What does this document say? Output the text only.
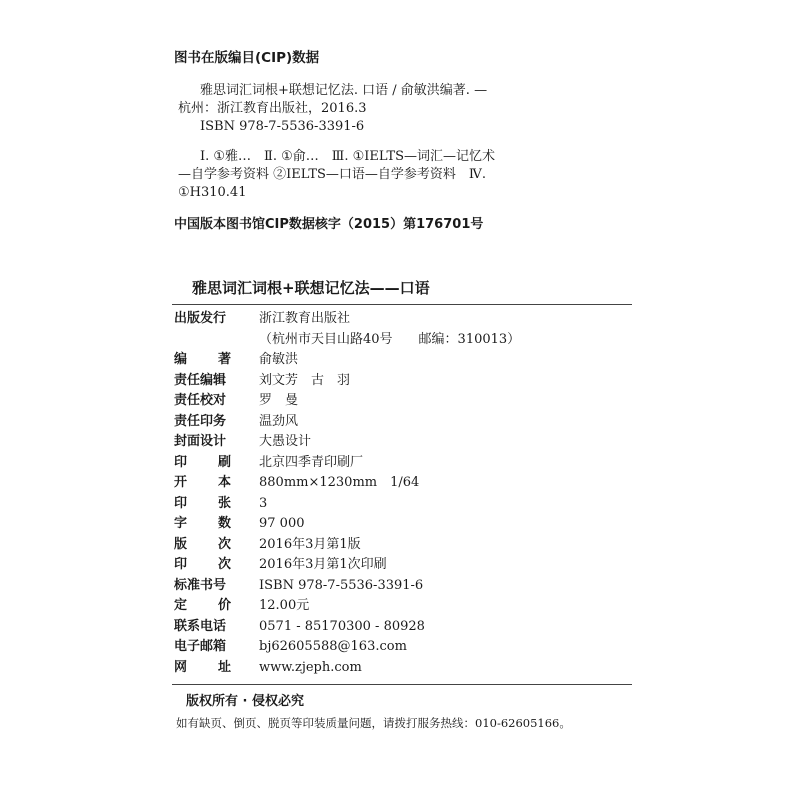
图书在版编目(CIP)数据
雅思词汇词根+联想记忆法. 口语 / 俞敏洪编著. —
杭州：浙江教育出版社，2016.3
ISBN 978-7-5536-3391-6
Ⅰ. ①雅…　Ⅱ. ①俞…　Ⅲ. ①IELTS—词汇—记忆术
—自学参考资料 ②IELTS—口语—自学参考资料　Ⅳ.
①H310.41
中国版本图书馆CIP数据核字（2015）第176701号
雅思词汇词根+联想记忆法——口语
出版发行	浙江教育出版社
（杭州市天目山路40号　　邮编：310013）
编 著	俞敏洪
责任编辑	刘文芳　古　羽
责任校对	罗　曼
责任印务	温劲风
封面设计	大愚设计
印 刷	北京四季青印刷厂
开 本	880mm×1230mm　1/64
印 张	3
字 数	97 000
版 次	2016年3月第1版
印 次	2016年3月第1次印刷
标准书号	ISBN 978-7-5536-3391-6
定 价	12.00元
联系电话	0571 - 85170300 - 80928
电子邮箱	bj62605588@163.com
网 址	www.zjeph.com
版权所有 · 侵权必究
如有缺页、倒页、脱页等印装质量问题，请拨打服务热线：010-62605166。
